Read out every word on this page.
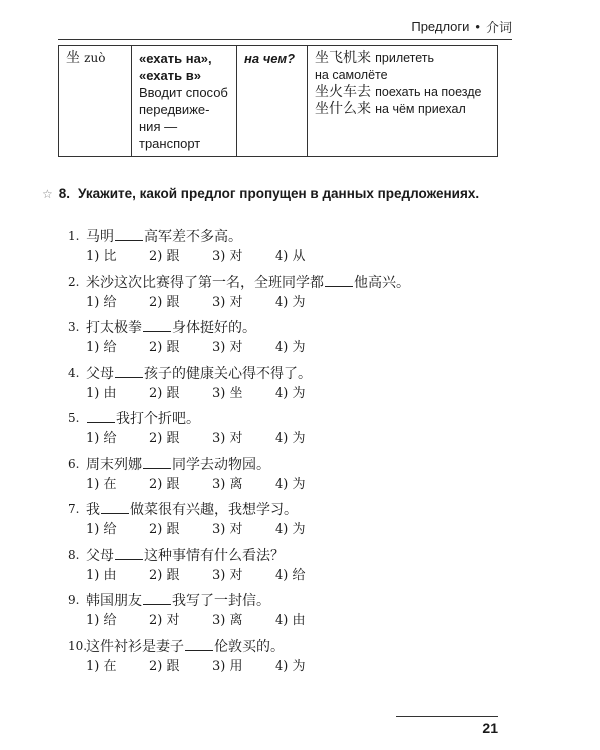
Предлоги • 介词
坐 zuò	«ехать на»,
«ехать в»
Вводит способ передвиже-ния — транспорт	на чем?	坐飞机来 прилететь
на самолёте
坐火车去 поехать на поезде
坐什么来 на чём приехал
☆ 8. Укажите, какой предлог пропущен в данных предложениях.
1. 马明 高军差不多高。
1) 比	2) 跟	3) 对	4) 从
2. 米沙这次比赛得了第一名，全班同学都 他高兴。
1) 给	2) 跟	3) 对	4) 为
3. 打太极拳 身体挺好的。
1) 给	2) 跟	3) 对	4) 为
4. 父母 孩子的健康关心得不得了。
1) 由	2) 跟	3) 坐	4) 为
5.	我打个折吧。
1) 给	2) 跟	3) 对	4) 为
6. 周末列娜 同学去动物园。
1) 在	2) 跟	3) 离	4) 为
7. 我 做菜很有兴趣，我想学习。
1) 给	2) 跟	3) 对	4) 为
8. 父母 这种事情有什么看法？
1) 由	2) 跟	3) 对	4) 给
9. 韩国朋友 我写了一封信。
1) 给	2) 对	3) 离	4) 由
10.
这件衬衫是妻子 伦敦买的。
1) 在	2) 跟	3) 用	4) 为
21
